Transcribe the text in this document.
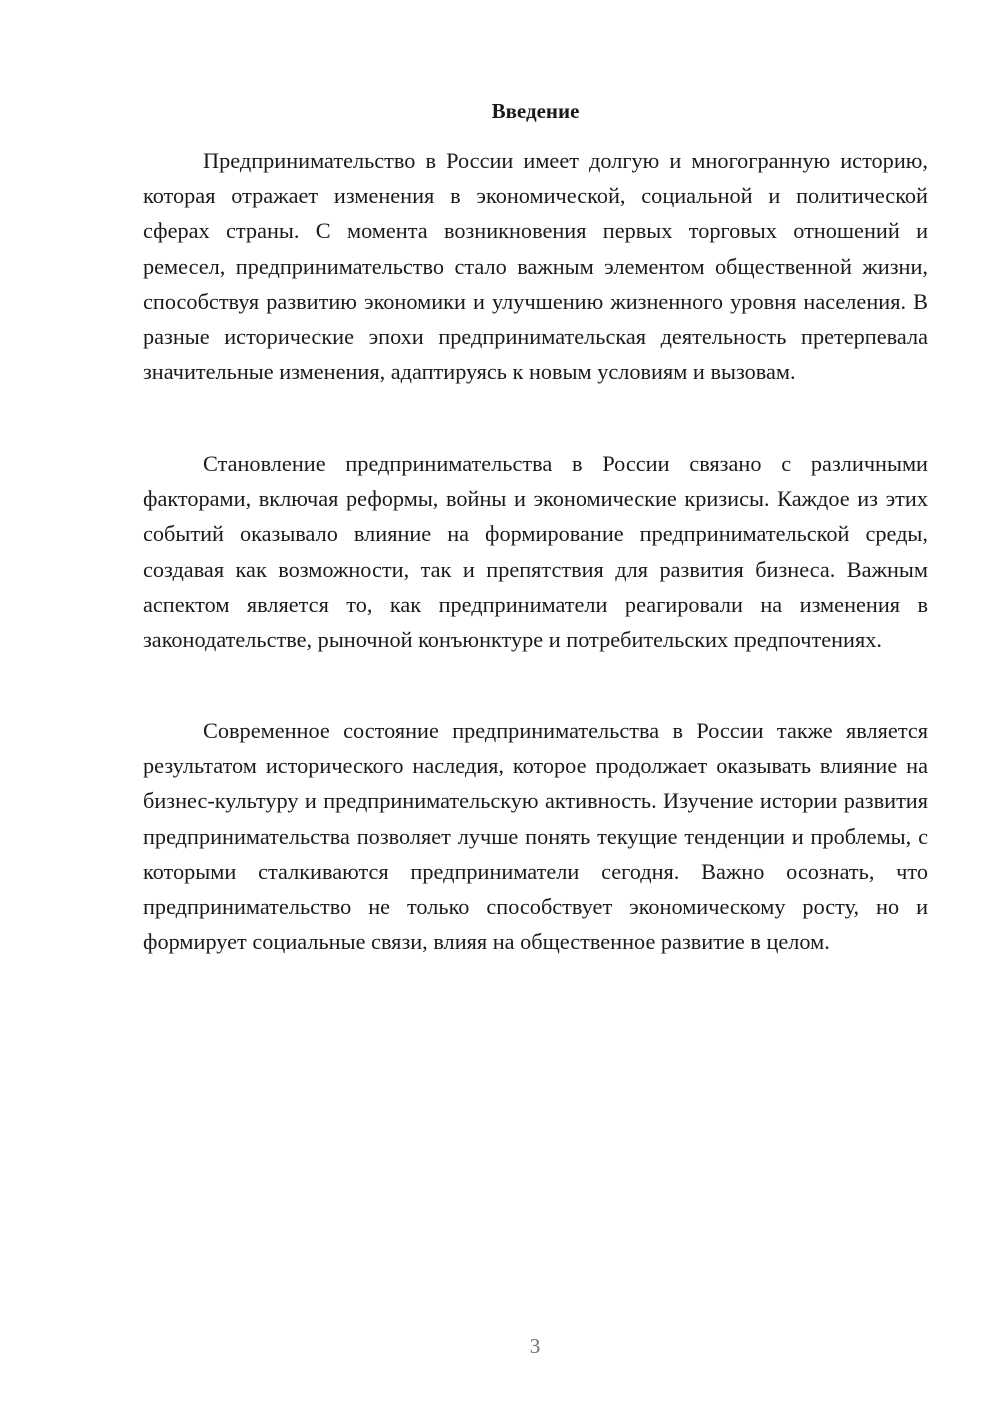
Введение

Предпринимательство в России имеет долгую и многогранную историю, которая отражает изменения в экономической, социальной и политической сферах страны. С момента возникновения первых торговых отношений и ремесел, предпринимательство стало важным элементом общественной жизни, способствуя развитию экономики и улучшению жизненного уровня населения. В разные исторические эпохи предпринимательская деятельность претерпевала значительные изменения, адаптируясь к новым условиям и вызовам.

Становление предпринимательства в России связано с различными факторами, включая реформы, войны и экономические кризисы. Каждое из этих событий оказывало влияние на формирование предпринимательской среды, создавая как возможности, так и препятствия для развития бизнеса. Важным аспектом является то, как предприниматели реагировали на изменения в законодательстве, рыночной конъюнктуре и потребительских предпочтениях.

Современное состояние предпринимательства в России также является результатом исторического наследия, которое продолжает оказывать влияние на бизнес-культуру и предпринимательскую активность. Изучение истории развития предпринимательства позволяет лучше понять текущие тенденции и проблемы, с которыми сталкиваются предприниматели сегодня. Важно осознать, что предпринимательство не только способствует экономическому росту, но и формирует социальные связи, влияя на общественное развитие в целом.

3
